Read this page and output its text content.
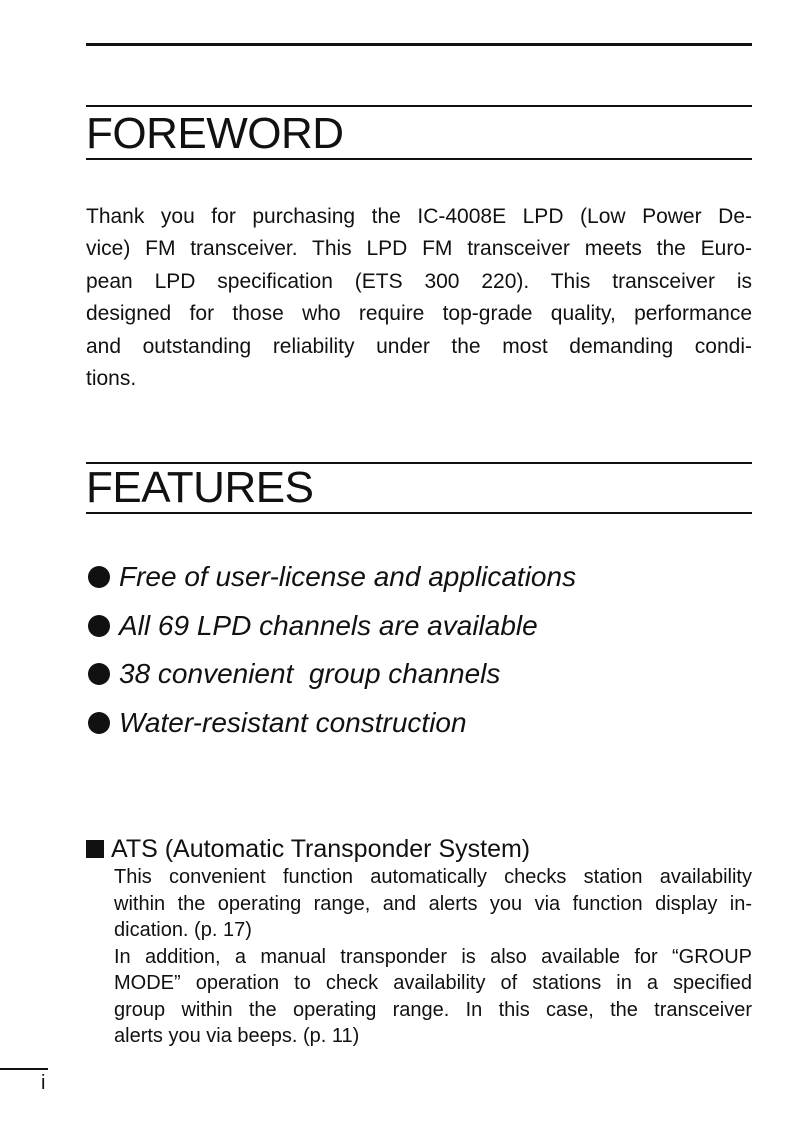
FOREWORD
Thank you for purchasing the IC-4008E LPD (Low Power De-
vice) FM transceiver. This LPD FM transceiver meets the Euro-
pean LPD specification (ETS 300 220). This transceiver is
designed for those who require top-grade quality, performance
and outstanding reliability under the most demanding condi-
tions.
FEATURES
Free of user-license and applications
All 69 LPD channels are available
38 convenient  group channels
Water-resistant construction
ATS (Automatic Transponder System)
This convenient function automatically checks station availability
within the operating range, and alerts you via function display in-
dication. (p. 17)
In addition, a manual transponder is also available for “GROUP
MODE” operation to check availability of stations in a specified
group within the operating range. In this case, the transceiver
alerts you via beeps. (p. 11)
i
